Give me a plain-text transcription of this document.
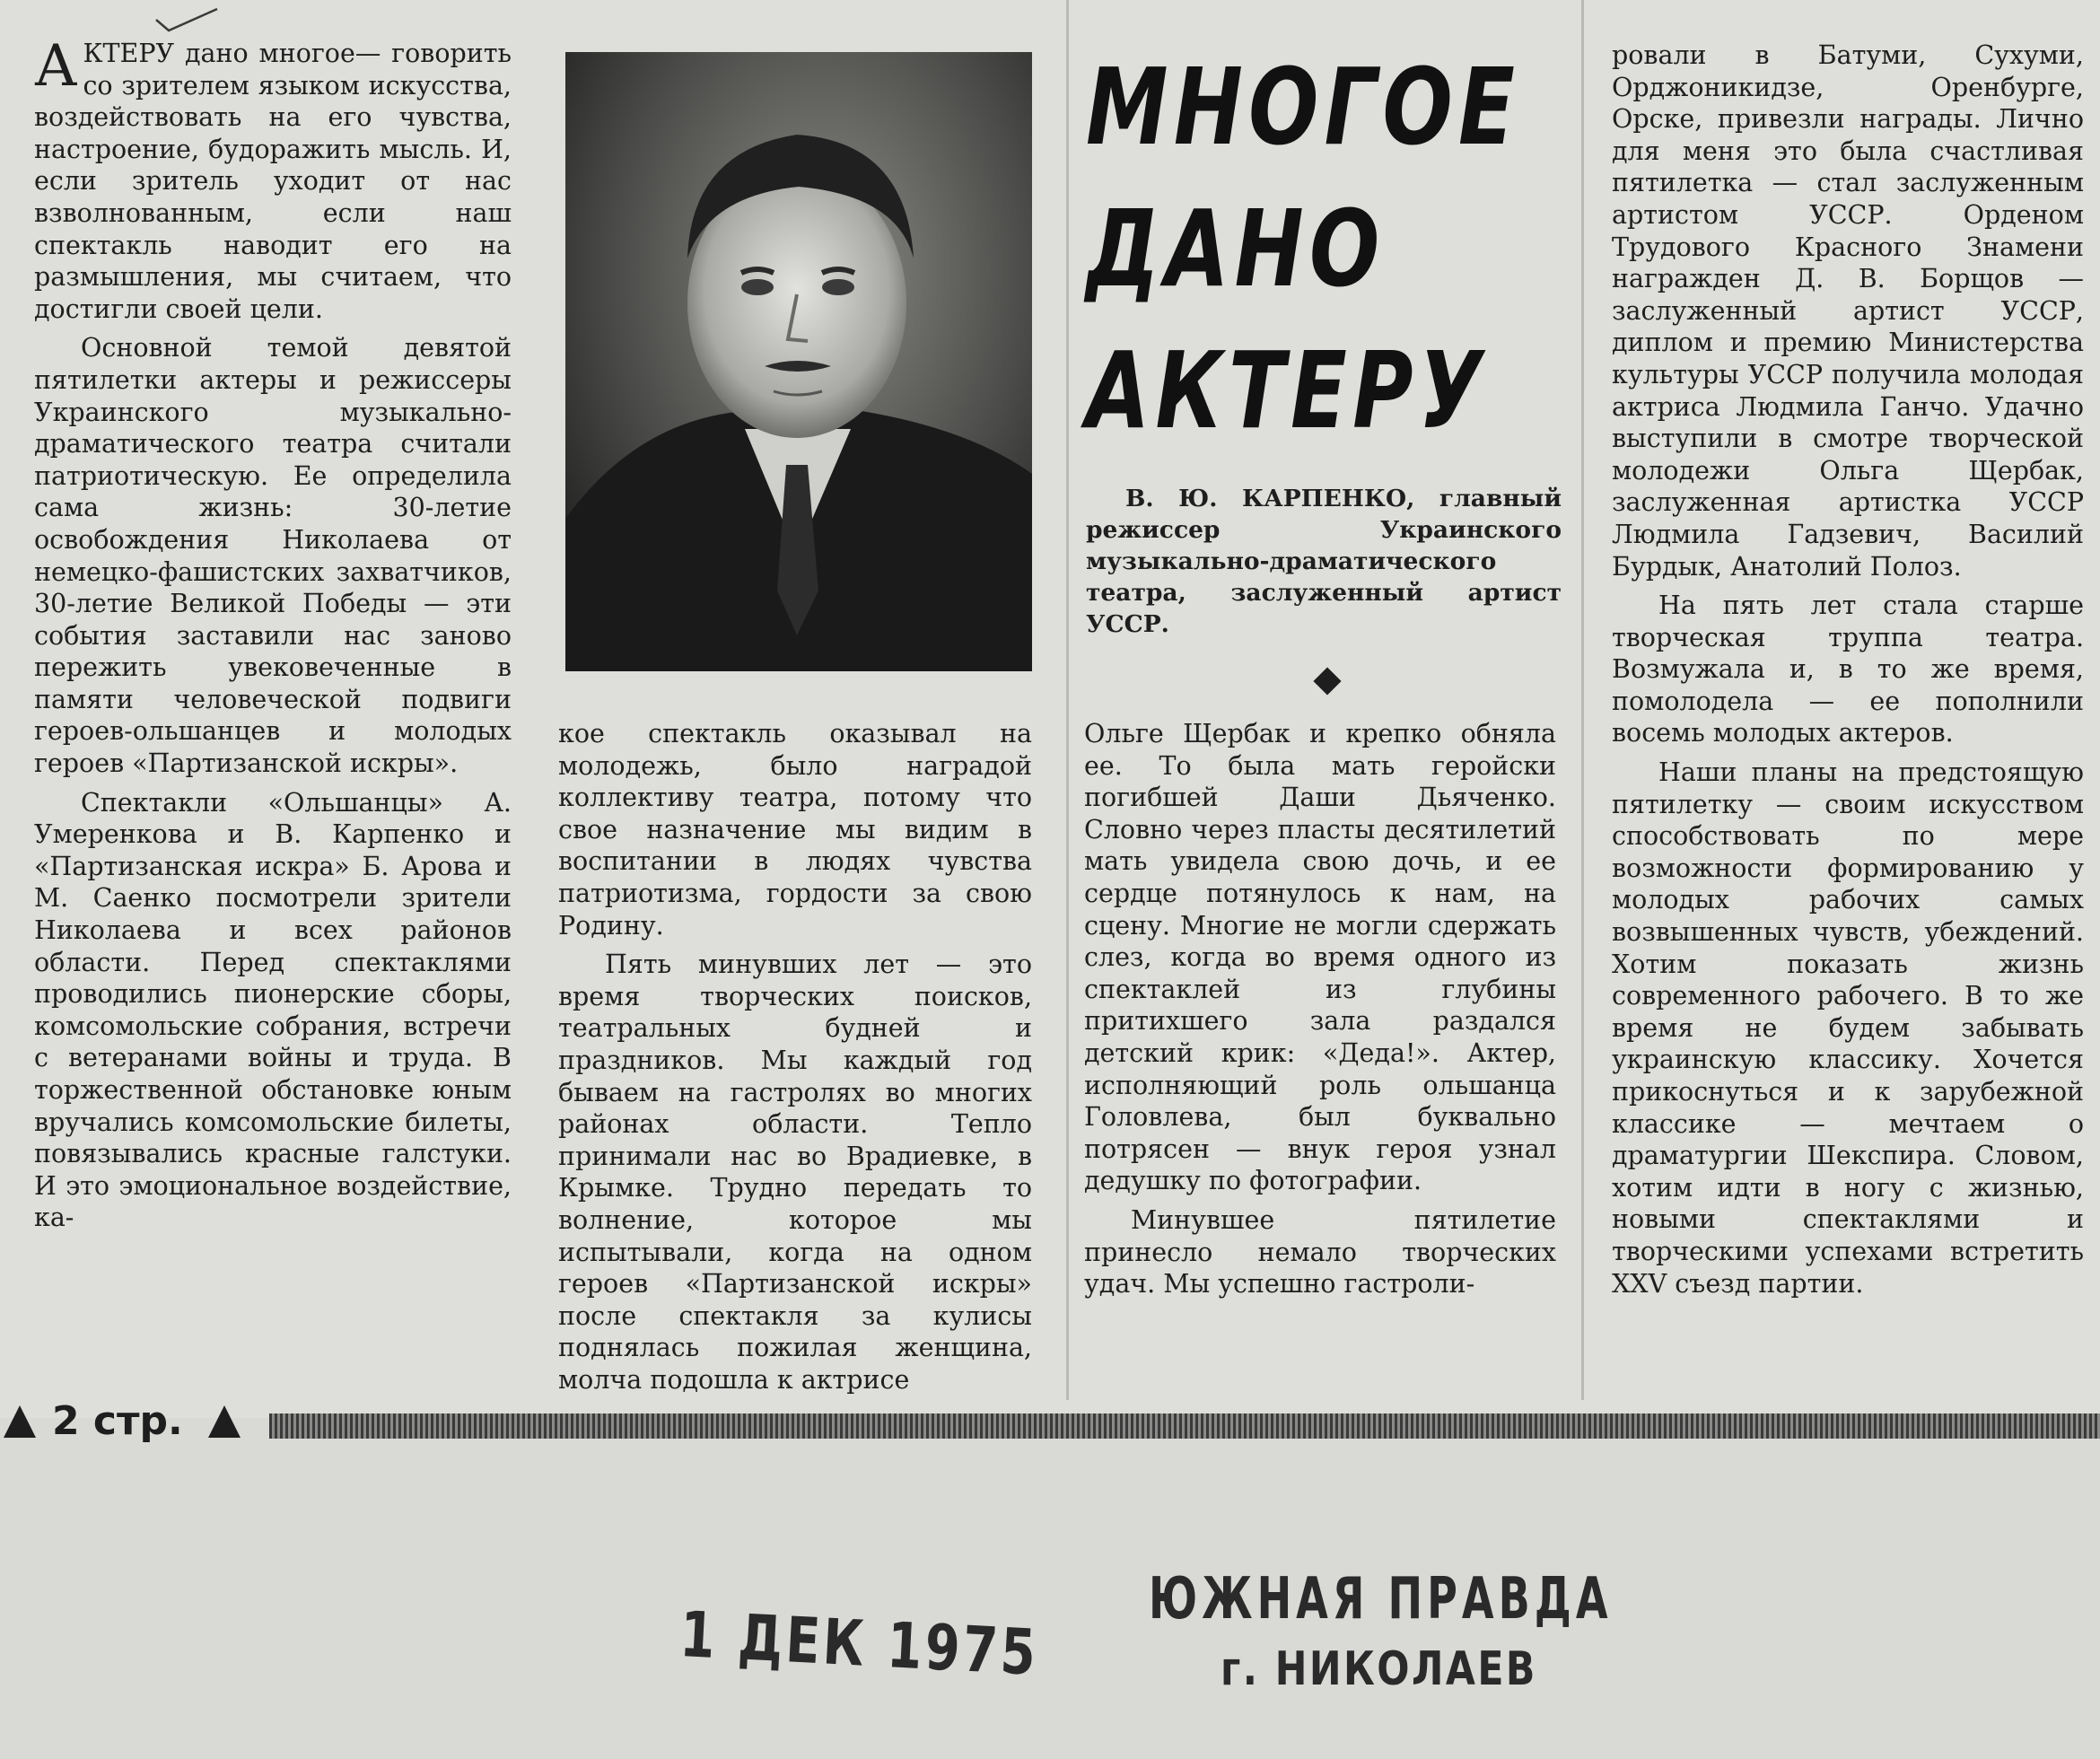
АКТЕРУ дано многое— говорить со зрителем языком искусства, воздействовать на его чувства, настроение, будоражить мысль. И, если зритель уходит от нас взволнованным, если наш спектакль наводит его на размышления, мы считаем, что достигли своей цели.

Основной темой девятой пятилетки актеры и режиссеры Украинского музыкально-драматического театра считали патриотическую. Ее определила сама жизнь: 30-летие освобождения Николаева от немецко-фашистских захватчиков, 30-летие Великой Победы — эти события заставили нас заново пережить увековеченные в памяти человеческой подвиги героев-ольшанцев и молодых героев «Партизанской искры».

Спектакли «Ольшанцы» А. Умеренкова и В. Карпенко и «Партизанская искра» Б. Арова и М. Саенко посмотрели зрители Николаева и всех районов области. Перед спектаклями проводились пионерские сборы, комсомольские собрания, встречи с ветеранами войны и труда. В торжественной обстановке юным вручались комсомольские билеты, повязывались красные галстуки. И это эмоциональное воздействие, ка-

кое спектакль оказывал на молодежь, было наградой коллективу театра, потому что свое назначение мы видим в воспитании в людях чувства патриотизма, гордости за свою Родину.

Пять минувших лет — это время творческих поисков, театральных будней и праздников. Мы каждый год бываем на гастролях во многих районах области. Тепло принимали нас во Врадиевке, в Крымке. Трудно передать то волнение, которое мы испытывали, когда на одном героев «Партизанской искры» после спектакля за кулисы поднялась пожилая женщина, молча подошла к актрисе

МНОГОЕ
ДАНО
АКТЕРУ
В. Ю. КАРПЕНКО, главный режиссер Украинского музыкально-драматического театра, заслуженный артист УССР.

Ольге Щербак и крепко обняла ее. То была мать геройски погибшей Даши Дьяченко. Словно через пласты десятилетий мать увидела свою дочь, и ее сердце потянулось к нам, на сцену. Многие не могли сдержать слез, когда во время одного из спектаклей из глубины притихшего зала раздался детский крик: «Деда!». Актер, исполняющий роль ольшанца Головлева, был буквально потрясен — внук героя узнал дедушку по фотографии.

Минувшее пятилетие принесло немало творческих удач. Мы успешно гастроли-

ровали в Батуми, Сухуми, Орджоникидзе, Оренбурге, Орске, привезли награды. Лично для меня это была счастливая пятилетка — стал заслуженным артистом УССР. Орденом Трудового Красного Знамени награжден Д. В. Борщов — заслуженный артист УССР, диплом и премию Министерства культуры УССР получила молодая актриса Людмила Ганчо. Удачно выступили в смотре творческой молодежи Ольга Щербак, заслуженная артистка УССР Людмила Гадзевич, Василий Бурдык, Анатолий Полоз.

На пять лет стала старше творческая труппа театра. Возмужала и, в то же время, помолодела — ее пополнили восемь молодых актеров.

Наши планы на предстоящую пятилетку — своим искусством способствовать по мере возможности формированию у молодых рабочих самых возвышенных чувств, убеждений. Хотим показать жизнь современного рабочего. В то же время не будем забывать украинскую классику. Хочется прикоснуться и к зарубежной классике — мечтаем о драматургии Шекспира. Словом, хотим идти в ногу с жизнью, новыми спектаклями и творческими успехами встретить XXV съезд партии.

2 стр.
1 ДЕК 1975 ЮЖНАЯ ПРАВДА
г. НИКОЛАЕВ
